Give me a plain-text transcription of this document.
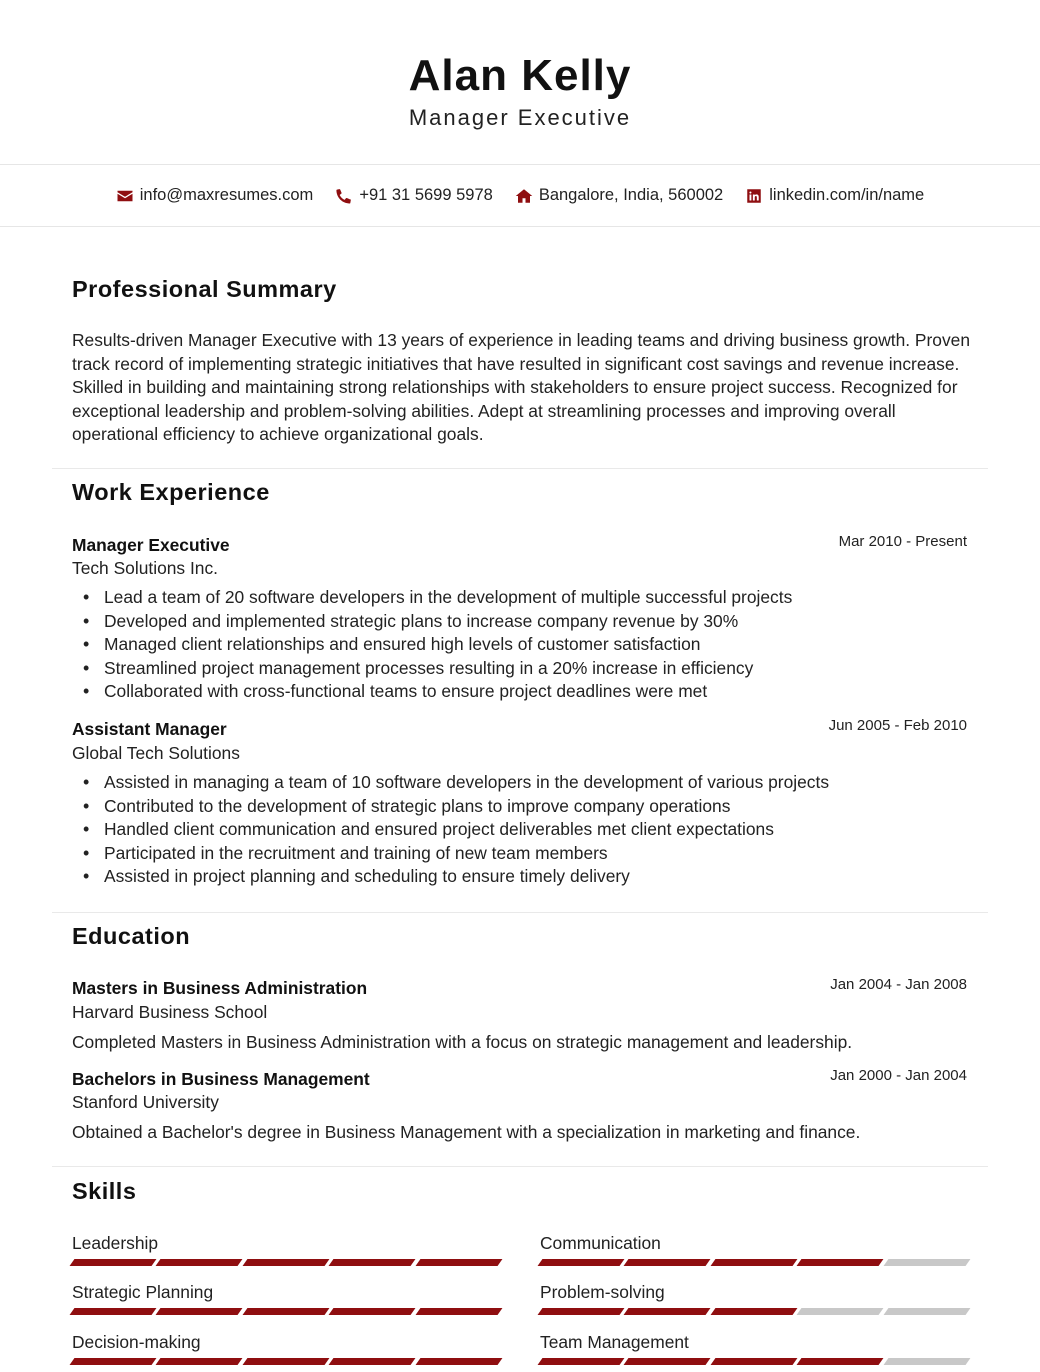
Alan Kelly
Manager Executive
info@maxresumes.com	+91 31 5699 5978	Bangalore, India, 560002	linkedin.com/in/name
Professional Summary
Results-driven Manager Executive with 13 years of experience in leading teams and driving business growth. Proven track record of implementing strategic initiatives that have resulted in significant cost savings and revenue increase. Skilled in building and maintaining strong relationships with stakeholders to ensure project success. Recognized for exceptional leadership and problem-solving abilities. Adept at streamlining processes and improving overall operational efficiency to achieve organizational goals.
Work Experience
Manager Executive	Mar 2010 - Present
Tech Solutions Inc.
• Lead a team of 20 software developers in the development of multiple successful projects
• Developed and implemented strategic plans to increase company revenue by 30%
• Managed client relationships and ensured high levels of customer satisfaction
• Streamlined project management processes resulting in a 20% increase in efficiency
• Collaborated with cross-functional teams to ensure project deadlines were met
Assistant Manager	Jun 2005 - Feb 2010
Global Tech Solutions
• Assisted in managing a team of 10 software developers in the development of various projects
• Contributed to the development of strategic plans to improve company operations
• Handled client communication and ensured project deliverables met client expectations
• Participated in the recruitment and training of new team members
• Assisted in project planning and scheduling to ensure timely delivery
Education
Masters in Business Administration	Jan 2004 - Jan 2008
Harvard Business School
Completed Masters in Business Administration with a focus on strategic management and leadership.
Bachelors in Business Management	Jan 2000 - Jan 2004
Stanford University
Obtained a Bachelor's degree in Business Management with a specialization in marketing and finance.
Skills
Leadership	Communication
Strategic Planning	Problem-solving
Decision-making	Team Management
